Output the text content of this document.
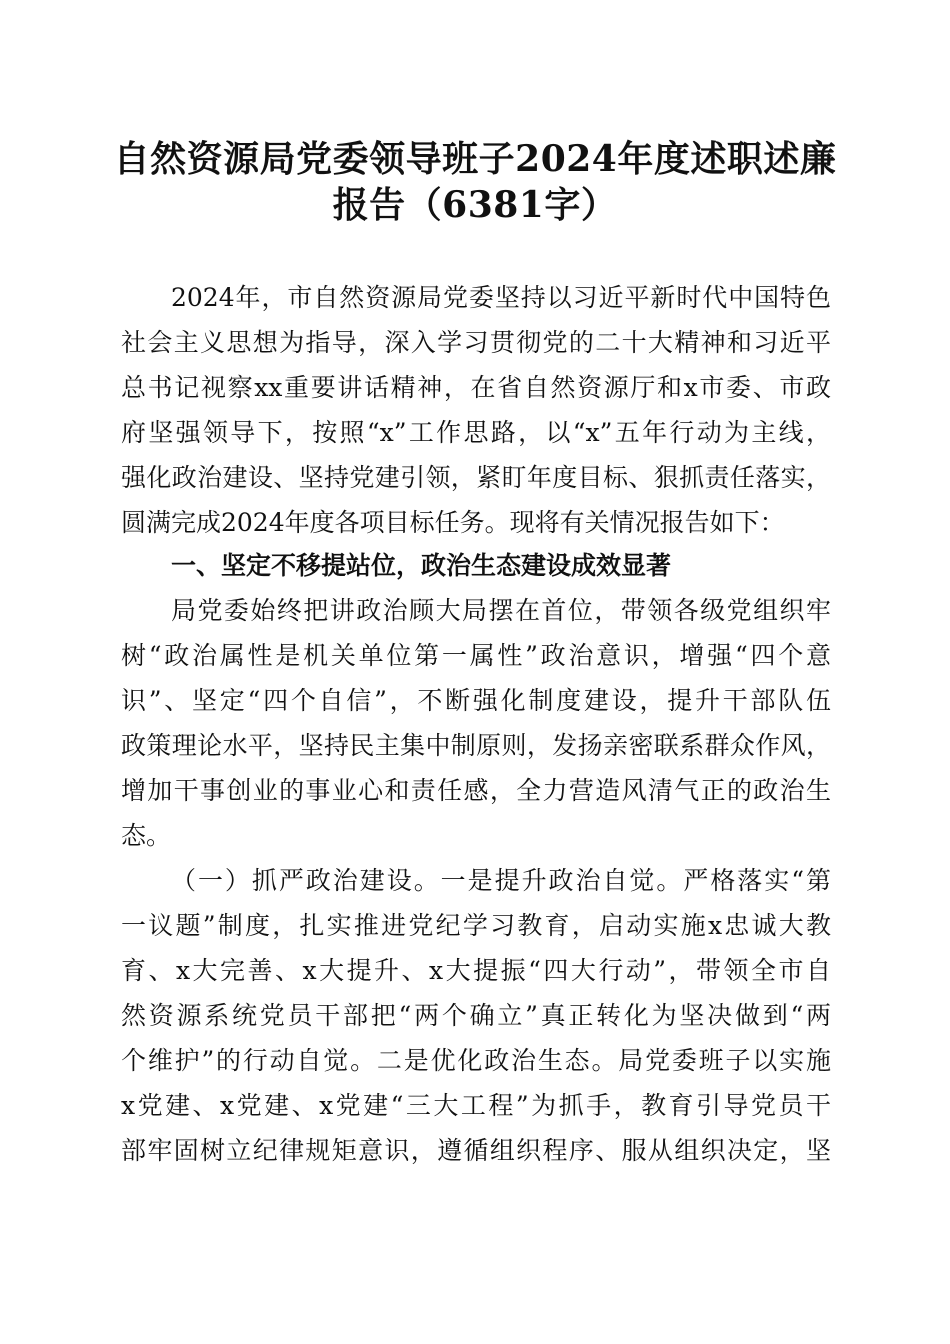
自然资源局党委领导班子2024年度述职述廉
报告（6381字）
2024年，市自然资源局党委坚持以习近平新时代中国特色
社会主义思想为指导，深入学习贯彻党的二十大精神和习近平
总书记视察xx重要讲话精神，在省自然资源厅和x市委、市政
府坚强领导下，按照“x”工作思路，以“x”五年行动为主线，
强化政治建设、坚持党建引领，紧盯年度目标、狠抓责任落实，
圆满完成2024年度各项目标任务。现将有关情况报告如下：
一、坚定不移提站位，政治生态建设成效显著
局党委始终把讲政治顾大局摆在首位，带领各级党组织牢
树“政治属性是机关单位第一属性”政治意识，增强“四个意
识”、坚定“四个自信”，不断强化制度建设，提升干部队伍
政策理论水平，坚持民主集中制原则，发扬亲密联系群众作风，
增加干事创业的事业心和责任感，全力营造风清气正的政治生
态。
（一）抓严政治建设。一是提升政治自觉。严格落实“第
一议题”制度，扎实推进党纪学习教育，启动实施x忠诚大教
育、x大完善、x大提升、x大提振“四大行动”，带领全市自
然资源系统党员干部把“两个确立”真正转化为坚决做到“两
个维护”的行动自觉。二是优化政治生态。局党委班子以实施
x党建、x党建、x党建“三大工程”为抓手，教育引导党员干
部牢固树立纪律规矩意识，遵循组织程序、服从组织决定，坚
